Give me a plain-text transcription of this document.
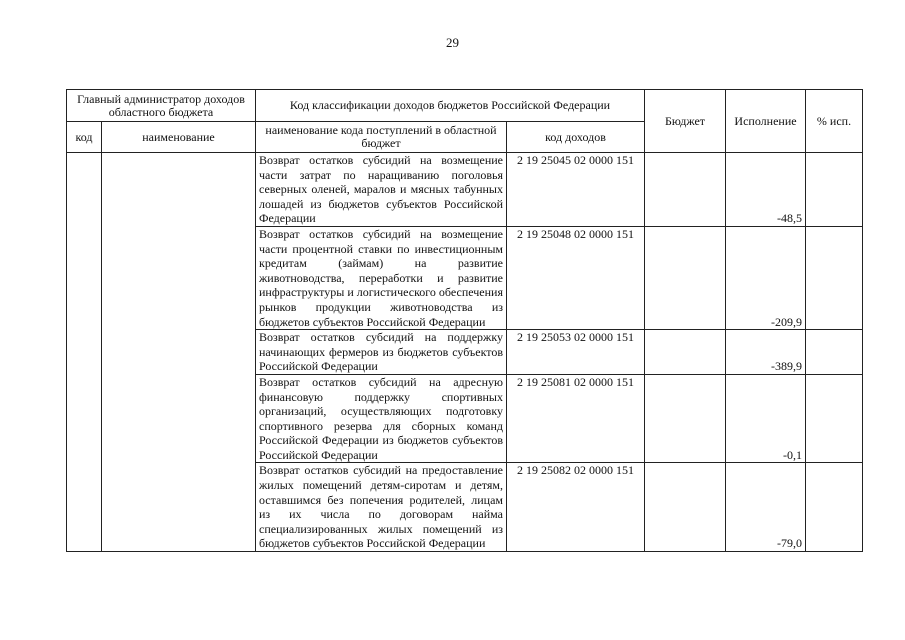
29
Главный администратор доходов областного бюджета		Код классификации доходов бюджетов Российской Федерации		Бюджет	Исполнение	% исп.
код	наименование	наименование кода поступлений в областной бюджет	код доходов			
		Возврат остатков субсидий на возмещение части затрат по наращиванию поголовья северных оленей, маралов и мясных табунных лошадей из бюджетов субъектов Российской Федерации	2 19 25045 02 0000 151		-48,5	
		Возврат остатков субсидий на возмещение части процентной ставки по инвестиционным кредитам (займам) на развитие животноводства, переработки и развитие инфраструктуры и логистического обеспечения рынков продукции животноводства из бюджетов субъектов Российской Федерации	2 19 25048 02 0000 151		-209,9	
		Возврат остатков субсидий на поддержку начинающих фермеров из бюджетов субъектов Российской Федерации	2 19 25053 02 0000 151		-389,9	
		Возврат остатков субсидий на адресную финансовую поддержку спортивных организаций, осуществляющих подготовку спортивного резерва для сборных команд Российской Федерации из бюджетов субъектов Российской Федерации	2 19 25081 02 0000 151		-0,1	
		Возврат остатков субсидий на предоставление жилых помещений детям-сиротам и детям, оставшимся без попечения родителей, лицам из их числа по договорам найма специализированных жилых помещений из бюджетов субъектов Российской Федерации	2 19 25082 02 0000 151		-79,0	
